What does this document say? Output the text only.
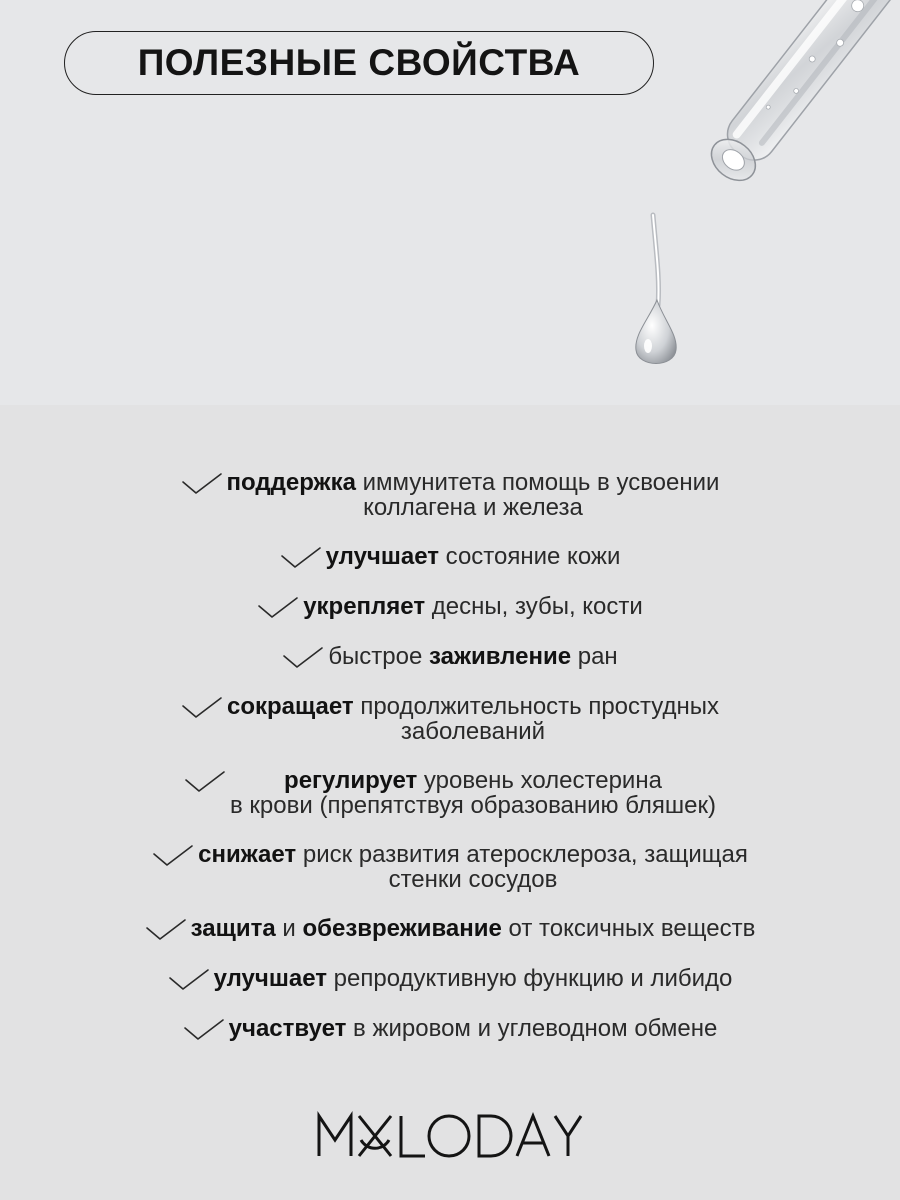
ПОЛЕЗНЫЕ СВОЙСТВА
поддержка иммунитета помощь в усвоении
коллагена и железа
улучшает состояние кожи
укрепляет десны, зубы, кости
быстрое заживление ран
сокращает продолжительность простудных
заболеваний
регулирует уровень холестерина
в крови (препятствуя образованию бляшек)
снижает риск развития атеросклероза, защищая
стенки сосудов
защита и обезвреживание от токсичных веществ
улучшает репродуктивную функцию и либидо
участвует в жировом и углеводном обмене
